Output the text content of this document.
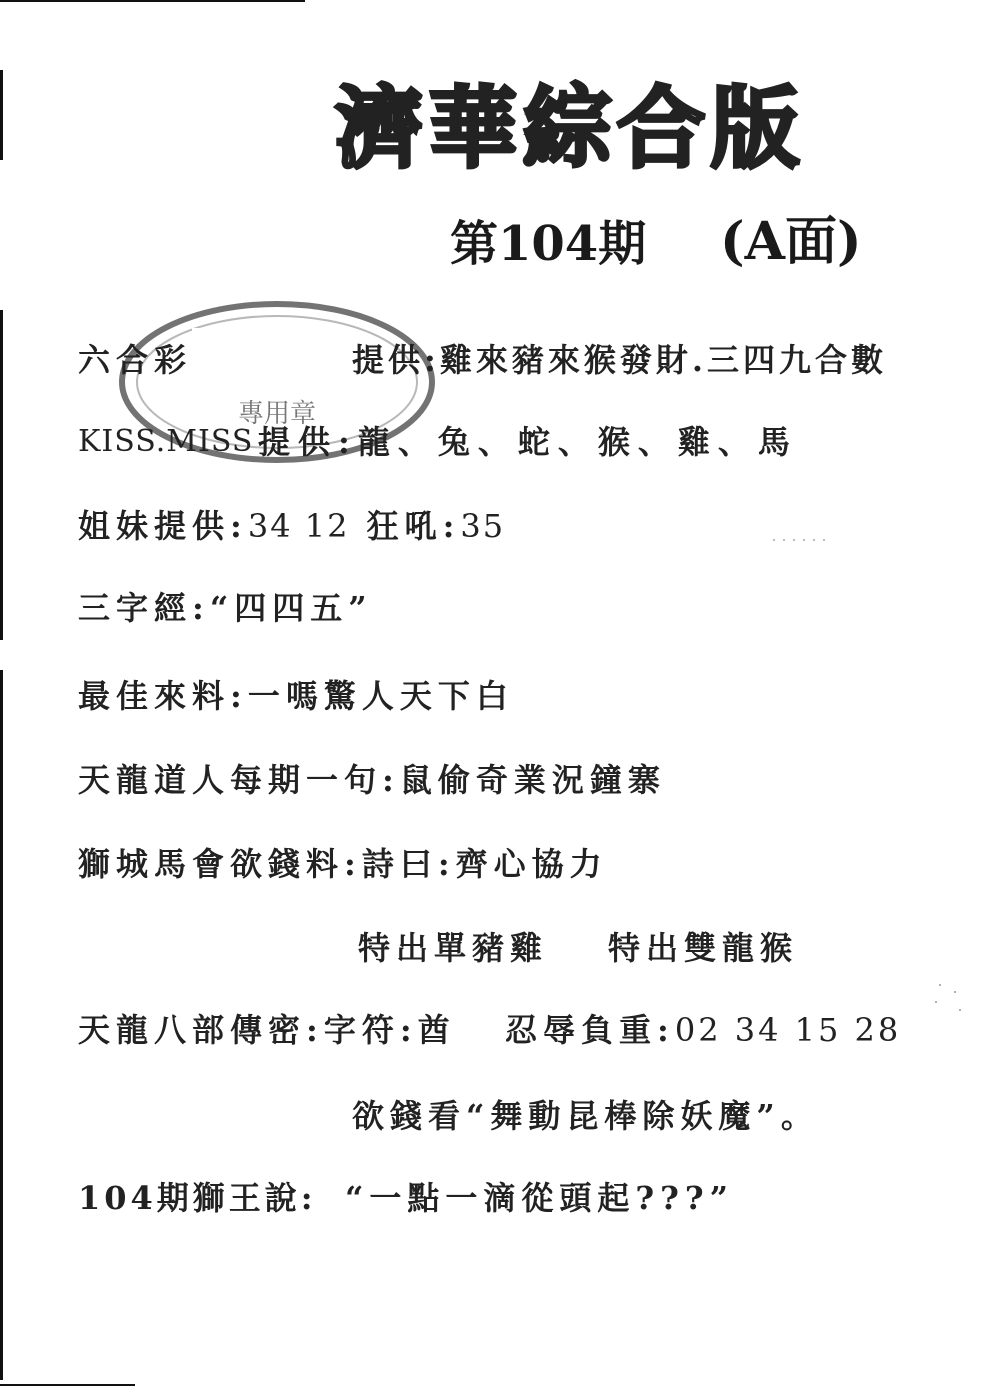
濟華綜合版
第104期 (A面)
專用章
六合彩	提供:雞來豬來猴發財.三四九合數
KISS.MISS 提供:龍、兔、蛇、猴、雞、馬
姐妹提供:34 12 狂吼:35
三字經:“四四五”
最佳來料:一嗎驚人天下白
天龍道人每期一句:鼠偷奇業況鐘寨
獅城馬會欲錢料:詩曰:齊心協力
特出單豬雞 特出雙龍猴
天龍八部傳密:字符:酋 忍辱負重:02 34 15 28
欲錢看“舞動昆棒除妖魔”。
104期獅王說: “一點一滴從頭起???”
